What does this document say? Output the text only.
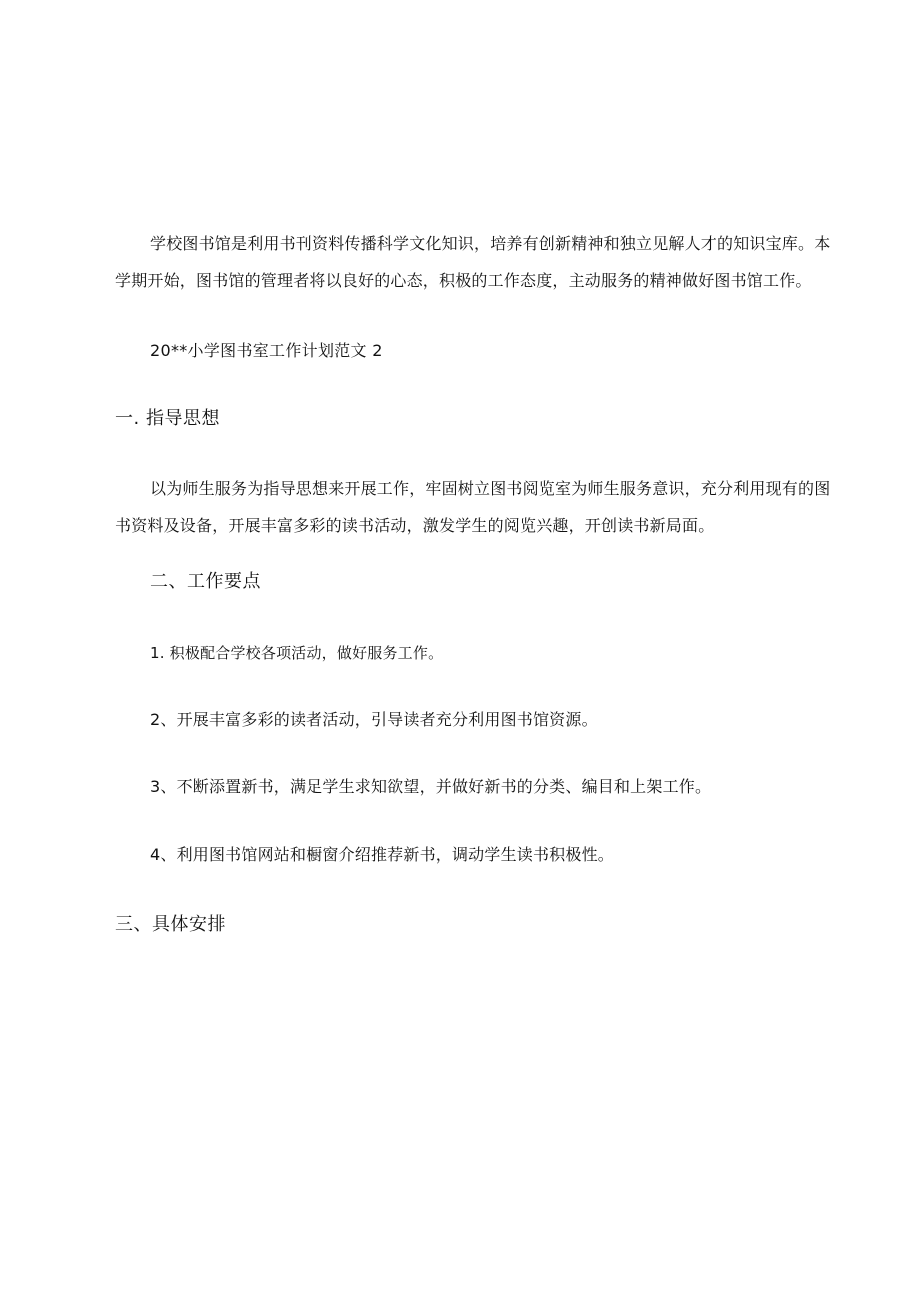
学校图书馆是利用书刊资料传播科学文化知识，培养有创新精神和独立见解人才的知识宝库。本
学期开始，图书馆的管理者将以良好的心态，积极的工作态度，主动服务的精神做好图书馆工作。
20**小学图书室工作计划范文 2
一. 指导思想
以为师生服务为指导思想来开展工作，牢固树立图书阅览室为师生服务意识，充分利用现有的图
书资料及设备，开展丰富多彩的读书活动，激发学生的阅览兴趣，开创读书新局面。
二、工作要点
1. 积极配合学校各项活动，做好服务工作。
2、开展丰富多彩的读者活动，引导读者充分利用图书馆资源。
3、不断添置新书，满足学生求知欲望，并做好新书的分类、编目和上架工作。
4、利用图书馆网站和橱窗介绍推荐新书，调动学生读书积极性。
三、具体安排
